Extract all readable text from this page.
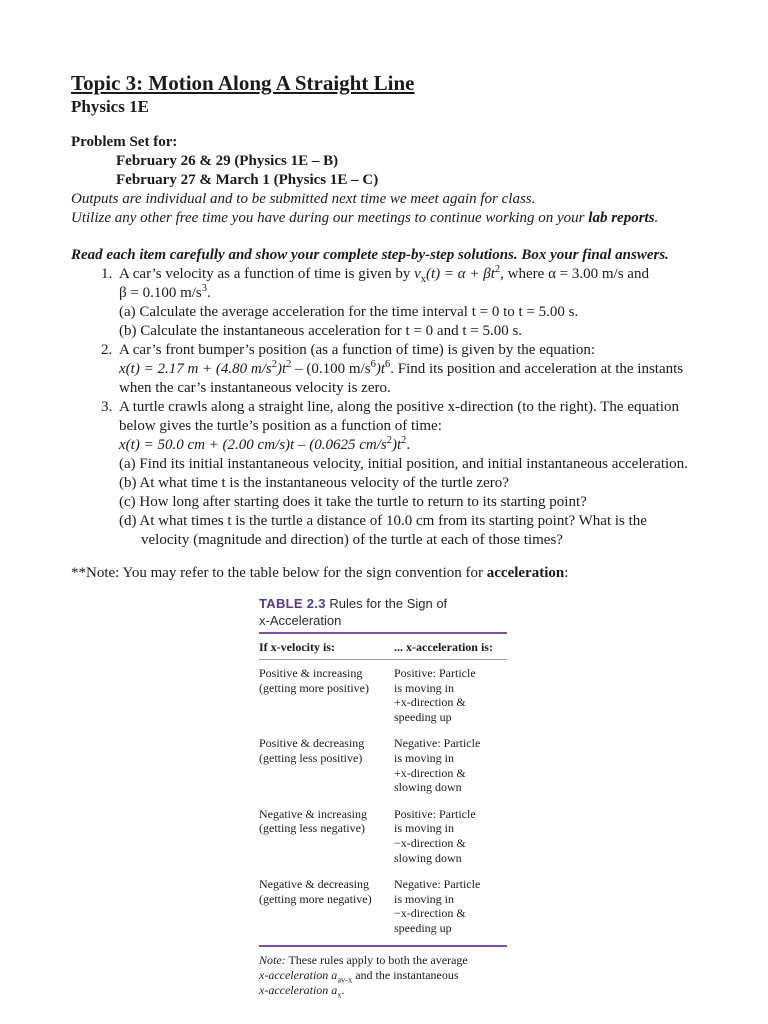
Topic 3: Motion Along A Straight Line
Physics 1E
Problem Set for:
February 26 & 29 (Physics 1E – B)
February 27 & March 1 (Physics 1E – C)
Outputs are individual and to be submitted next time we meet again for class.
Utilize any other free time you have during our meetings to continue working on your lab reports.
Read each item carefully and show your complete step-by-step solutions. Box your final answers.
1. A car’s velocity as a function of time is given by $v_x(t) = \alpha + \beta t^2$, where α = 3.00 m/s and
β = 0.100 $m/s^3$.
(a) Calculate the average acceleration for the time interval t = 0 to t = 5.00 s.
(b) Calculate the instantaneous acceleration for t = 0 and t = 5.00 s.
2. A car’s front bumper’s position (as a function of time) is given by the equation:
x(t) = 2.17 m + (4.80 $m/s^2)t^2 - (0.100$ $m/s^6)t^6$. Find its position and acceleration at the instants
when the car’s instantaneous velocity is zero.
3. A turtle crawls along a straight line, along the positive x-direction (to the right). The equation
below gives the turtle’s position as a function of time:
x(t) = 50.0 cm + (2.00 cm/s)t – (0.0625 $cm/s^2)t^2$.
(a) Find its initial instantaneous velocity, initial position, and initial instantaneous acceleration.
(b) At what time t is the instantaneous velocity of the turtle zero?
(c) How long after starting does it take the turtle to return to its starting point?
(d) At what times t is the turtle a distance of 10.0 cm from its starting point? What is the
velocity (magnitude and direction) of the turtle at each of those times?
**Note: You may refer to the table below for the sign convention for acceleration:
TABLE 2.3 Rules for the Sign of
x-Acceleration
If x-velocity is:	... x-acceleration is:
Positive & increasing
(getting more positive)
Positive: Particle
is moving in
+x-direction &
speeding up
Positive & decreasing
(getting less positive)
Negative: Particle
is moving in
+x-direction &
slowing down
Negative & increasing
(getting less negative)
Positive: Particle
is moving in
−x-direction &
slowing down
Negative & decreasing
(getting more negative)
Negative: Particle
is moving in
−x-direction &
speeding up
Note: These rules apply to both the average
x-acceleration $a_{av-x}$ and the instantaneous
x-acceleration $a_x$.
